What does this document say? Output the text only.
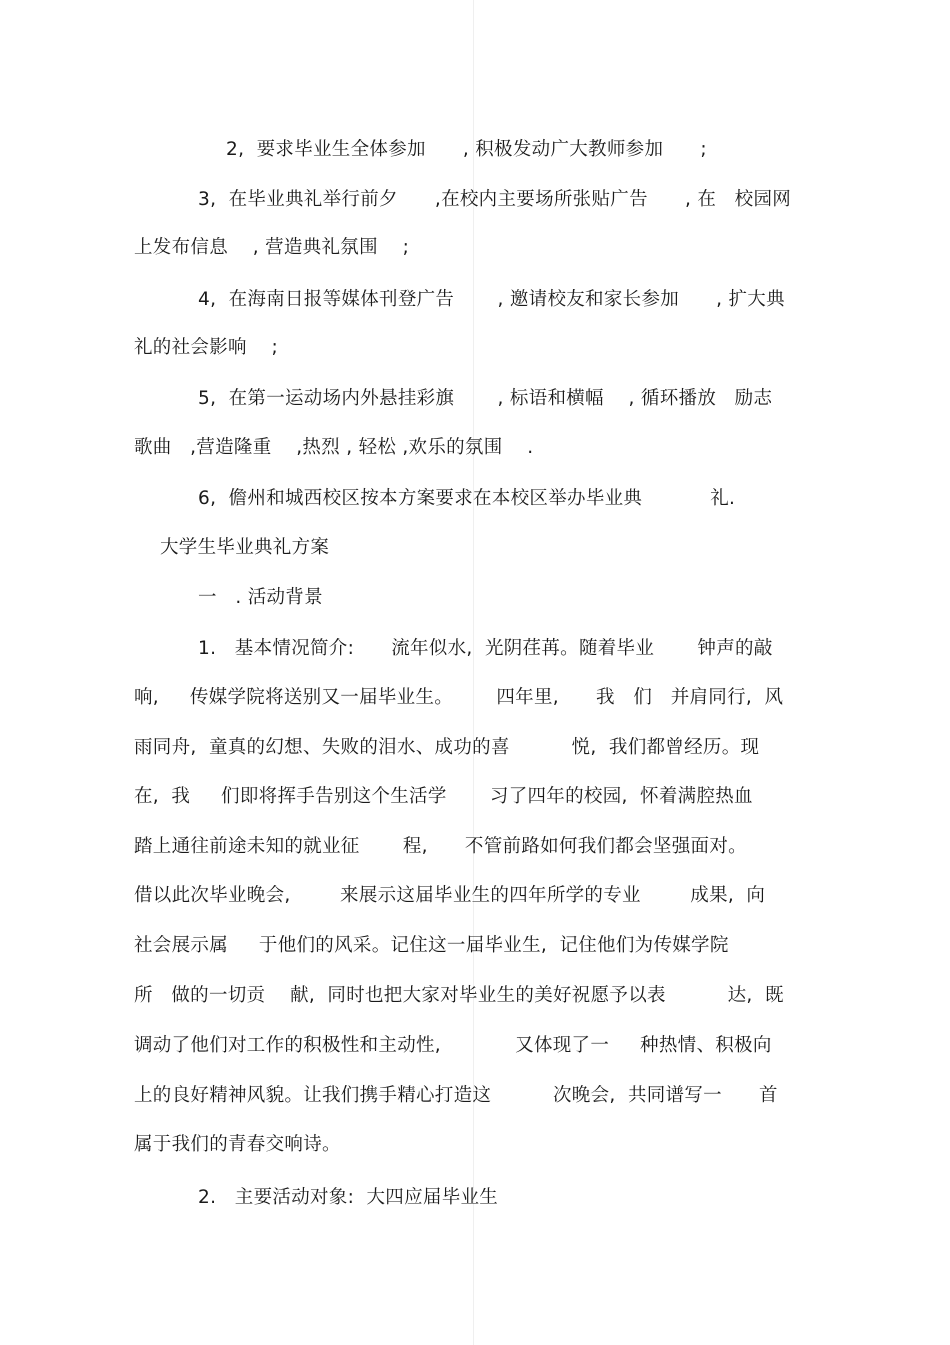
2,  要求毕业生全体参加      , 积极发动广大教师参加      ;
3,  在毕业典礼举行前夕      ,在校内主要场所张贴广告      , 在   校园网
上发布信息    , 营造典礼氛围    ;
4,  在海南日报等媒体刊登广告       , 邀请校友和家长参加      , 扩大典
礼的社会影响    ;
5,  在第一运动场内外悬挂彩旗       , 标语和横幅    , 循环播放   励志
歌曲   ,营造隆重    ,热烈 , 轻松 ,欢乐的氛围    .
6,  儋州和城西校区按本方案要求在本校区举办毕业典           礼.
大学生毕业典礼方案
一   . 活动背景
1.   基本情况简介:      流年似水,  光阴荏苒。随着毕业       钟声的敲
响,     传媒学院将送别又一届毕业生。       四年里,      我   们   并肩同行,  风
雨同舟,  童真的幻想、失败的泪水、成功的喜          悦,  我们都曾经历。现
在,  我     们即将挥手告别这个生活学       习了四年的校园,  怀着满腔热血
踏上通往前途未知的就业征       程,      不管前路如何我们都会坚强面对。
借以此次毕业晚会,        来展示这届毕业生的四年所学的专业        成果,  向
社会展示属     于他们的风采。记住这一届毕业生,  记住他们为传媒学院
所   做的一切贡    献,  同时也把大家对毕业生的美好祝愿予以表          达,  既
调动了他们对工作的积极性和主动性,            又体现了一     种热情、积极向
上的良好精神风貌。让我们携手精心打造这          次晚会,  共同谱写一      首
属于我们的青春交响诗。
2.   主要活动对象:  大四应届毕业生
